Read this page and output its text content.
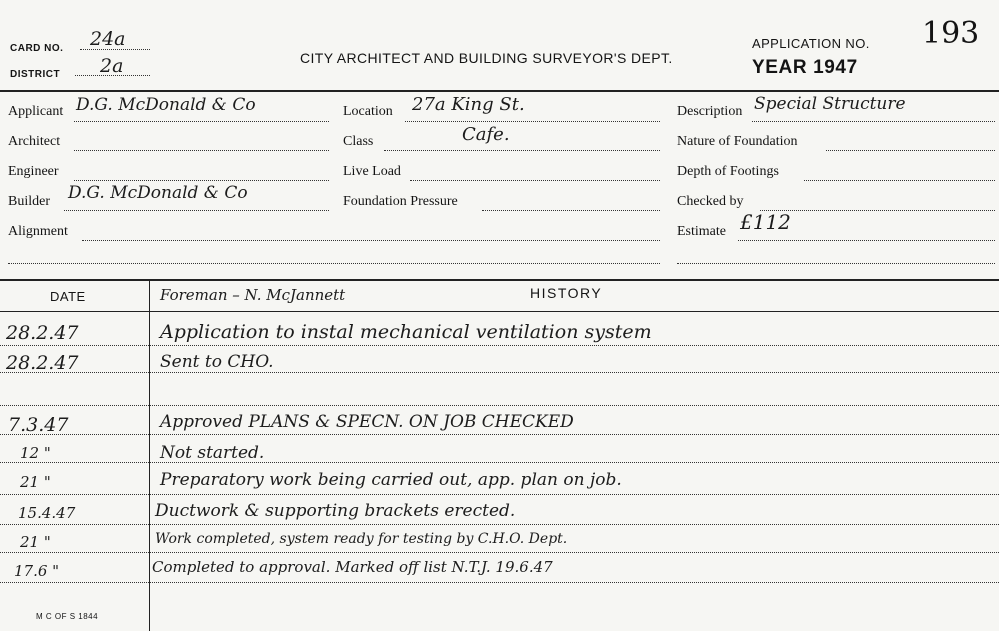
CARD NO. 24a
DISTRICT 2a	CITY ARCHITECT AND BUILDING SURVEYOR'S DEPT.
APPLICATION NO. 193
YEAR 1947
Applicant D.G. McDonald & Co
Architect
Engineer
Builder D.G. McDonald & Co
Alignment
Location 27a King St.
Class	Cafe.
Live Load
Foundation Pressure
Description Special Structure
Nature of Foundation
Depth of Footings
Checked by
Estimate £112
DATE	Foreman – N. McJannett	HISTORY
28.2.47	Application to instal mechanical ventilation system
28.2.47	Sent to CHO.
7.3.47	Approved PLANS & SPECN. ON JOB CHECKED
12 "	Not started.
21 "	Preparatory work being carried out, app. plan on job.
15.4.47	Ductwork & supporting brackets erected.
21 "	Work completed, system ready for testing by C.H.O. Dept.
17.6 "	Completed to approval. Marked off list N.T.J. 19.6.47
M C OF S 1844
